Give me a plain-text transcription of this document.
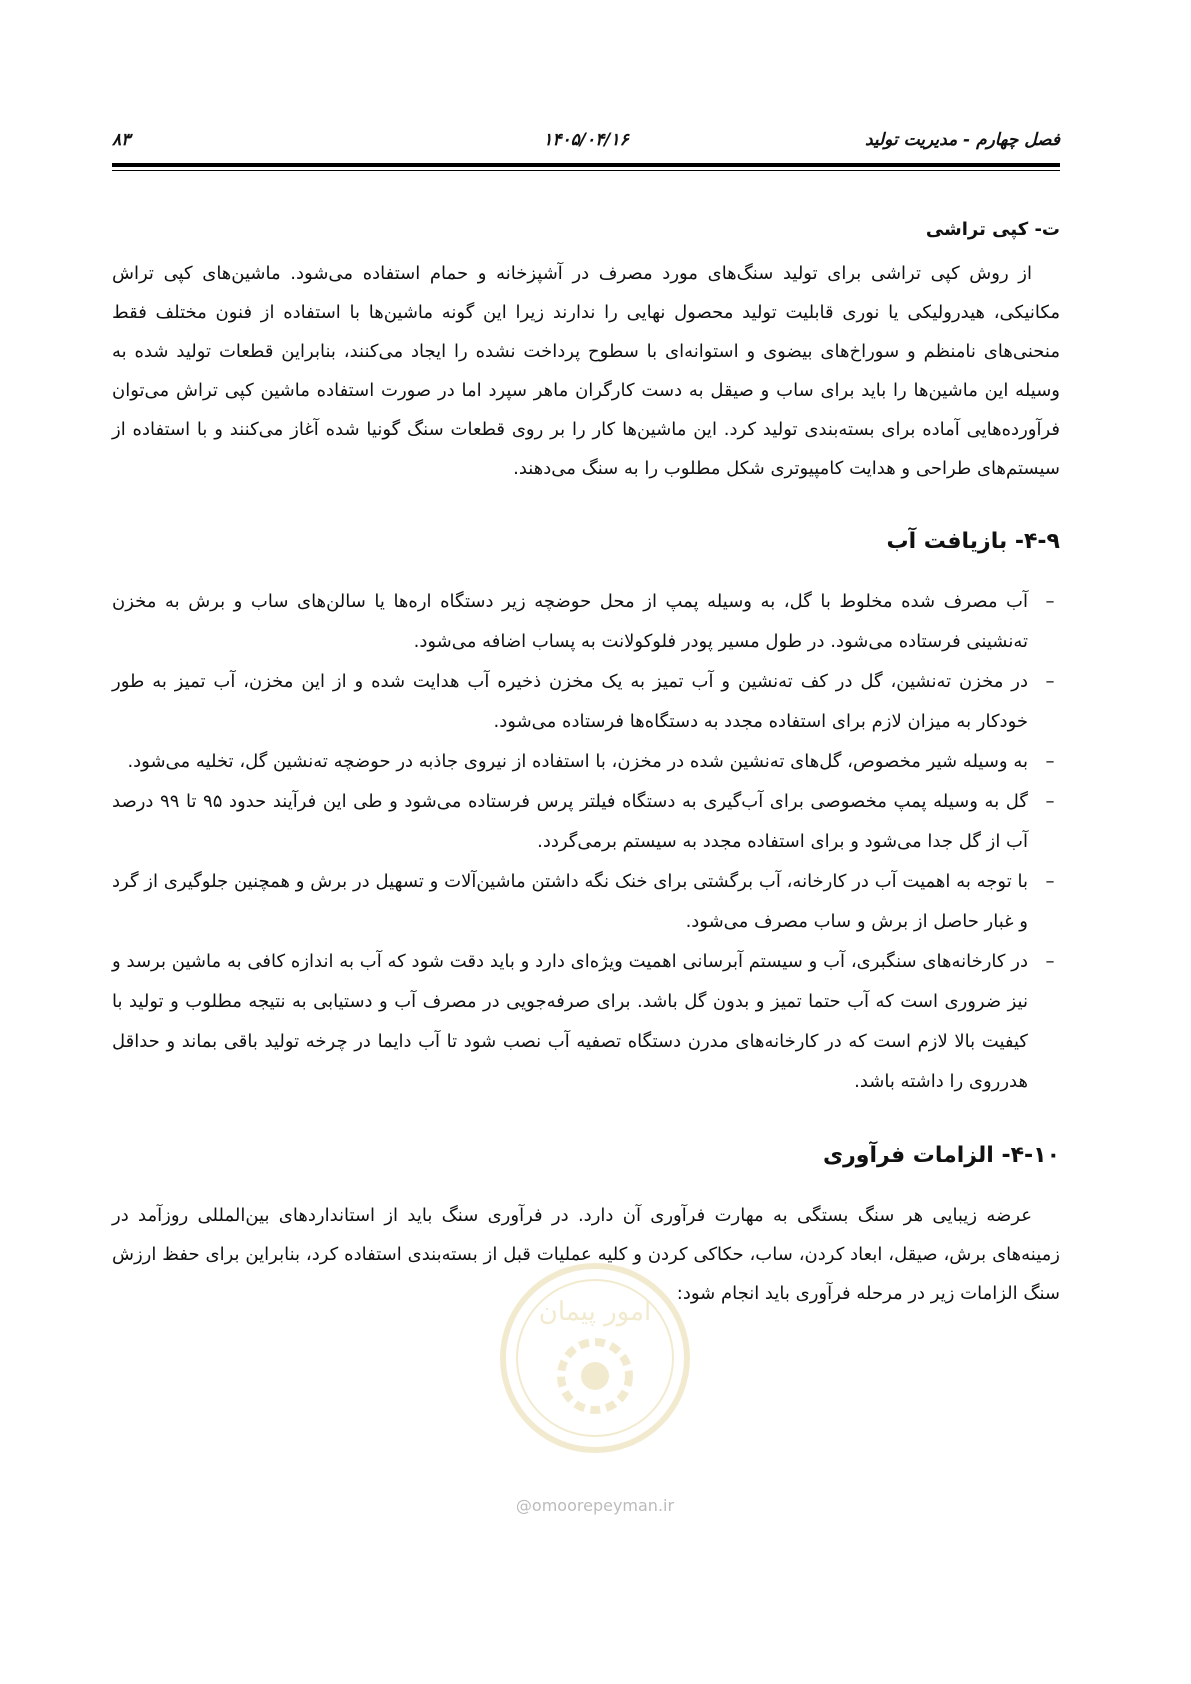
فصل چهارم - مدیریت تولید
۱۴۰۵/۰۴/۱۶
۸۳
ت- کپی تراشی

از روش کپی تراشی برای تولید سنگ‌های مورد مصرف در آشپزخانه و حمام استفاده می‌شود. ماشین‌های کپی تراش مکانیکی، هیدرولیکی یا نوری قابلیت تولید محصول نهایی را ندارند زیرا این گونه ماشین‌ها با استفاده از فنون مختلف فقط منحنی‌های نامنظم و سوراخ‌های بیضوی و استوانه‌ای با سطوح پرداخت نشده را ایجاد می‌کنند، بنابراین قطعات تولید شده به وسیله این ماشین‌ها را باید برای ساب و صیقل به دست کارگران ماهر سپرد اما در صورت استفاده ماشین کپی تراش می‌توان فرآورده‌هایی آماده برای بسته‌بندی تولید کرد. این ماشین‌ها کار را بر روی قطعات سنگ گونیا شده آغاز می‌کنند و با استفاده از سیستم‌های طراحی و هدایت کامپیوتری شکل مطلوب را به سنگ می‌دهند.

۴-۹- بازیافت آب
–
آب مصرف شده مخلوط با گل، به وسیله پمپ از محل حوضچه زیر دستگاه اره‌ها یا سالن‌های ساب و برش به مخزن ته‌نشینی فرستاده می‌شود. در طول مسیر پودر فلوکولانت به پساب اضافه می‌شود.
–
در مخزن ته‌نشین، گل در کف ته‌نشین و آب تمیز به یک مخزن ذخیره آب هدایت شده و از این مخزن، آب تمیز به طور خودکار به میزان لازم برای استفاده مجدد به دستگاه‌ها فرستاده می‌شود.
–
به وسیله شیر مخصوص، گل‌های ته‌نشین شده در مخزن، با استفاده از نیروی جاذبه در حوضچه ته‌نشین گل، تخلیه می‌شود.
–
گل به وسیله پمپ مخصوصی برای آب‌گیری به دستگاه فیلتر پرس فرستاده می‌شود و طی این فرآیند حدود ۹۵ تا ۹۹ درصد آب از گل جدا می‌شود و برای استفاده مجدد به سیستم برمی‌گردد.
–
با توجه به اهمیت آب در کارخانه، آب برگشتی برای خنک نگه داشتن ماشین‌آلات و تسهیل در برش و همچنین جلوگیری از گرد و غبار حاصل از برش و ساب مصرف می‌شود.
–
در کارخانه‌های سنگبری، آب و سیستم آبرسانی اهمیت ویژه‌ای دارد و باید دقت شود که آب به اندازه کافی به ماشین برسد و نیز ضروری است که آب حتما تمیز و بدون گل باشد. برای صرفه‌جویی در مصرف آب و دستیابی به نتیجه مطلوب و تولید با کیفیت بالا لازم است که در کارخانه‌های مدرن دستگاه تصفیه آب نصب شود تا آب دایما در چرخه تولید باقی بماند و حداقل هدرروی را داشته باشد.
۴-۱۰- الزامات فرآوری

عرضه زیبایی هر سنگ بستگی به مهارت فرآوری آن دارد. در فرآوری سنگ باید از استانداردهای بین‌المللی روزآمد در زمینه‌های برش، صیقل، ابعاد کردن، ساب، حکاکی کردن و کلیه عملیات قبل از بسته‌بندی استفاده کرد، بنابراین برای حفظ ارزش سنگ الزامات زیر در مرحله فرآوری باید انجام شود:

امور پیمان
@omoorepeyman.ir
